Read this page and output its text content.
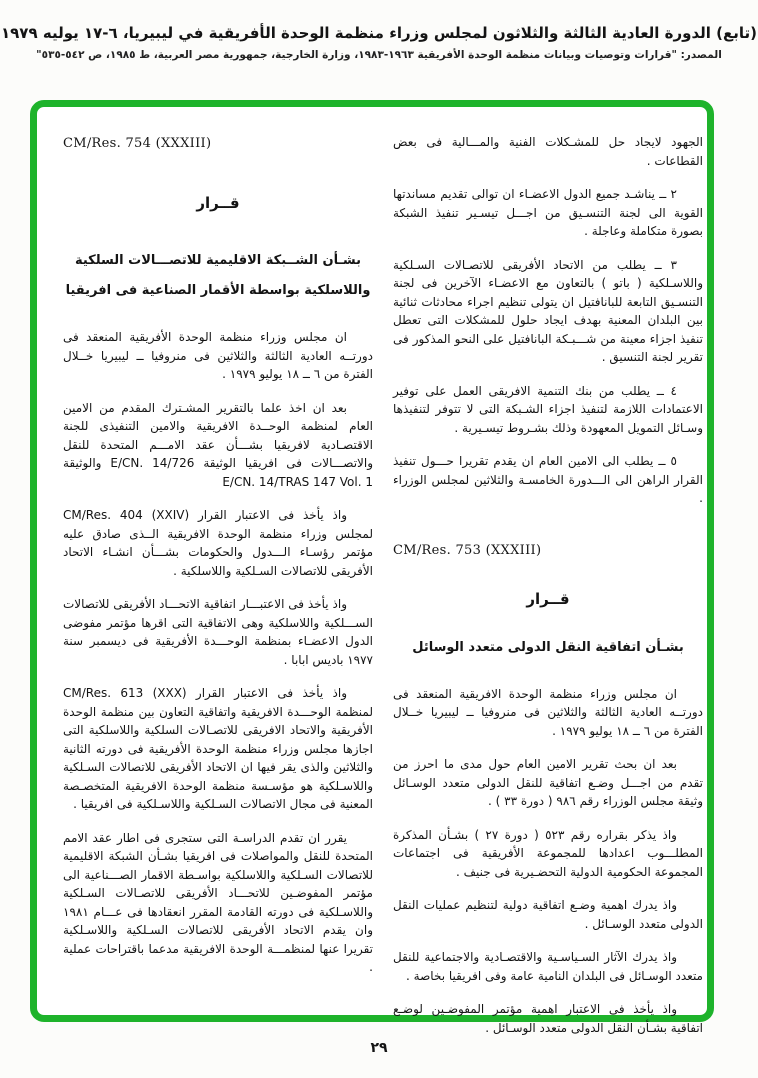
(تابع) الدورة العادية الثالثة والثلاثون لمجلس وزراء منظمة الوحدة الأفريقية في ليبيريا، ٦-١٧ يوليه ١٩٧٩
المصدر: "قرارات وتوصيات وبيانات منظمة الوحدة الأفريقية ١٩٦٣-١٩٨٣، وزارة الخارجية، جمهورية مصر العربية، ط ١٩٨٥، ص ٥٤٢-٥٣٥"
CM/Res. 754 (XXXIII)
قــرار
بشـأن الشــبكة الاقليمية للاتصـــالات السلكية
واللاسلكية بواسطة الأقمار الصناعية فى افريقيا
ان مجلس وزراء منظمة الوحدة الأفريقية المنعقد فى دورتــه العادية الثالثة والثلاثين فى منروفيا ــ ليبيريا خــلال الفترة من ٦ ــ ١٨ يوليو ١٩٧٩ .
بعد ان اخذ علما بالتقرير المشـترك المقدم من الامين العام لمنظمة الوحــدة الافريقية والامين التنفيذى للجنة الاقتصـادية لافريقيا بشـــأن عقد الامـــم المتحدة للنقل والاتصـــالات فى افريقيا الوثيقة E/CN. 14/726 والوثيقة E/CN. 14/TRAS 147 Vol. 1
واذ يأخذ فى الاعتبار القرار CM/Res. 404 (XXIV) لمجلس وزراء منظمة الوحدة الافريقية الــذى صادق عليه مؤتمر رؤسـاء الـــدول والحكومات بشـــأن انشـاء الاتحاد الأفريقى للاتصالات السـلكية واللاسلكية .
واذ يأخذ فى الاعتبـــار اتفاقية الاتحـــاد الأفريقى للاتصالات الســـلكية واللاسلكية وهى الاتفاقية التى اقرها مؤتمر مفوضى الدول الاعضـاء بمنظمة الوحـــدة الأفريقية فى ديسمبر سنة ١٩٧٧ باديس ابابا .
واذ يأخذ فى الاعتبار القرار CM/Res. 613 (XXX) لمنظمة الوحـــدة الافريقية واتفاقية التعاون بين منظمة الوحدة الأفريقية والاتحاد الافريقى للاتصـالات السلكية واللاسلكية التى اجازها مجلس وزراء منظمة الوحدة الأفريقية فى دورته الثانية والثلاثين والذى يقر فيها ان الاتحاد الأفريقى للاتصالات السـلكية واللاسـلكية هو مؤسـسة منظمة الوحدة الافريقية المتخصـصة المعنية فى مجال الاتصالات السـلكية واللاسـلكية فى افريقيا .
يقرر ان تقدم الدراسـة التى ستجرى فى اطار عقد الامم المتحدة للنقل والمواصلات فى افريقيا بشـأن الشبكة الاقليمية للاتصالات السـلكية واللاسلكية بواسـطة الاقمار الصـــناعية الى مؤتمر المفوضـين للاتحـــاد الأفريقى للاتصـالات السـلكية واللاسـلكية فى دورته القادمة المقرر انعقادها فى عـــام ١٩٨١ وان يقدم الاتحاد الأفريقى للاتصالات السـلكية واللاسـلكية تقريرا عنها لمنظمـــة الوحدة الافريقية مدعما باقتراحات عملية .
الجهود لايجاد حل للمشـكلات الفنية والمـــالية فى بعض القطاعات .
٢ ــ يناشـد جميع الدول الاعضـاء ان توالى تقديم مساندتها القوية الى لجنة التنسـيق من اجـــل تيسـير تنفيذ الشبكة بصورة متكاملة وعاجلة .
٣ ــ يطلب من الاتحاد الأفريقى للاتصـالات السـلكية واللاسـلكية ( باتو ) بالتعاون مع الاعضـاء الآخرين فى لجنة التنسـيق التابعة للبانافتيل ان يتولى تنظيم اجراء محادثات ثنائية بين البلدان المعنية بهدف ايجاد حلول للمشكلات التى تعطل تنفيذ اجزاء معينة من شـــبـكة البانافتيل على النحو المذكور فى تقرير لجنة التنسيق .
٤ ــ يطلب من بنك التنمية الافريقى العمل على توفير الاعتمادات اللازمة لتنفيذ اجزاء الشـبكة التى لا تتوفر لتنفيذها وسـائل التمويل المعهودة وذلك بشـروط تيسـيرية .
٥ ــ يطلب الى الامين العام ان يقدم تقريرا حـــول تنفيذ القرار الراهن الى الـــدورة الخامسـة والثلاثين لمجلس الوزراء .
CM/Res. 753 (XXXIII)
قــرار
بشـأن اتفاقية النقل الدولى متعدد الوسائل
ان مجلس وزراء منظمة الوحدة الافريقية المنعقد فى دورتــه العادية الثالثة والثلاثين فى منروفيا ــ ليبيريا خــلال الفترة من ٦ ــ ١٨ يوليو ١٩٧٩ .
بعد ان بحث تقرير الامين العام حول مدى ما احرز من تقدم من اجـــل وضـع اتفاقية للنقل الدولى متعدد الوسـائل وثيقة مجلس الوزراء رقم ٩٨٦ ( دورة ٣٣ ) .
واذ يذكر بقراره رقم ٥٢٣ ( دورة ٢٧ ) بشـأن المذكرة المطلـــوب اعدادها للمجموعة الأفريقية فى اجتماعات المجموعة الحكومية الدولية التحضـيرية فى جنيف .
واذ يدرك اهمية وضـع اتفاقية دولية لتنظيم عمليات النقل الدولى متعدد الوسـائل .
واذ يدرك الآثار السـياسـية والاقتصـادية والاجتماعية للنقل متعدد الوسـائل فى البلدان النامية عامة وفى افريقيا بخاصة .
واذ يأخذ فى الاعتبار اهمية مؤتمر المفوضـين لوضـع اتفاقية بشـأن النقل الدولى متعدد الوسـائل .
٢٩
